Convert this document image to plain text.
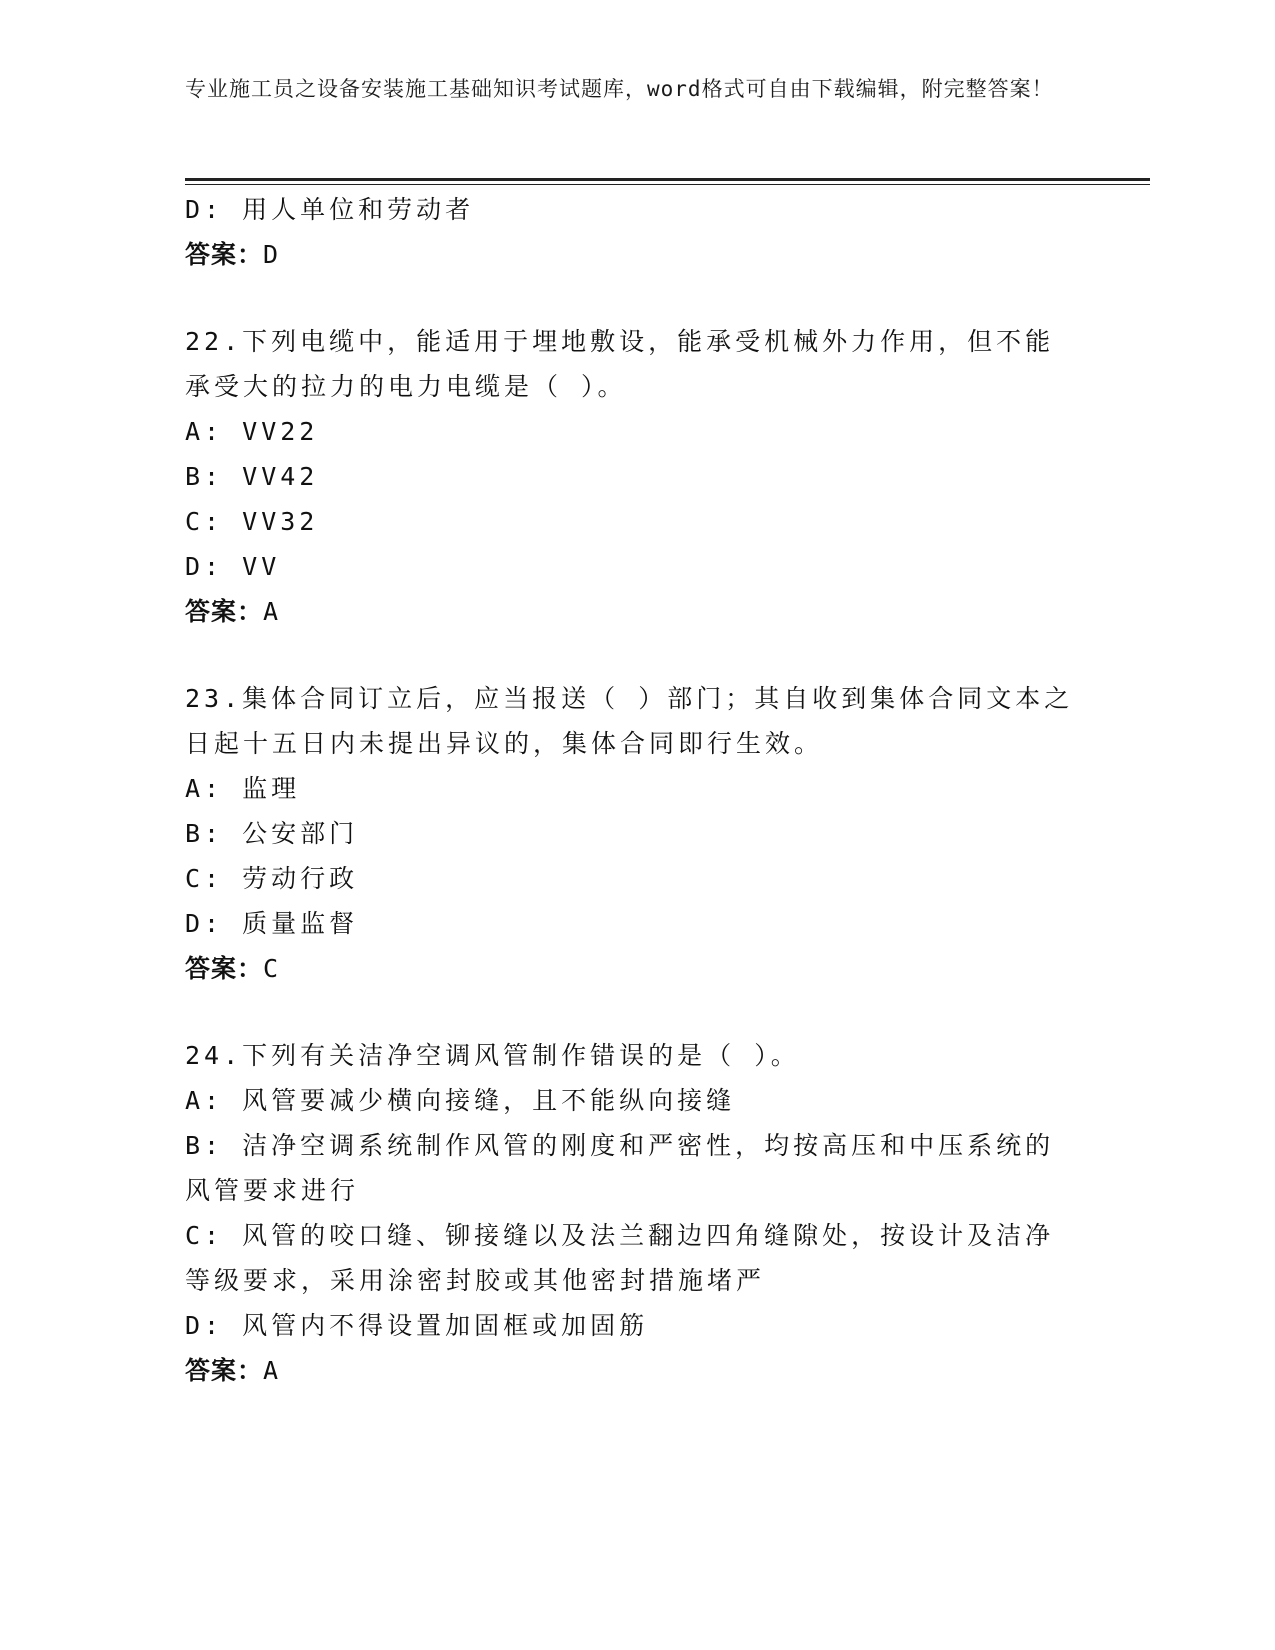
专业施工员之设备安装施工基础知识考试题库，word格式可自由下载编辑，附完整答案！
D: 用人单位和劳动者
答案：D
22.下列电缆中，能适用于埋地敷设，能承受机械外力作用，但不能承受大的拉力的电力电缆是（ ）。
A: VV22
B: VV42
C: VV32
D: VV
答案：A
23.集体合同订立后，应当报送（ ）部门；其自收到集体合同文本之日起十五日内未提出异议的，集体合同即行生效。
A: 监理
B: 公安部门
C: 劳动行政
D: 质量监督
答案：C
24.下列有关洁净空调风管制作错误的是（ ）。
A: 风管要减少横向接缝，且不能纵向接缝
B: 洁净空调系统制作风管的刚度和严密性，均按高压和中压系统的风管要求进行
C: 风管的咬口缝、铆接缝以及法兰翻边四角缝隙处，按设计及洁净等级要求，采用涂密封胶或其他密封措施堵严
D: 风管内不得设置加固框或加固筋
答案：A
